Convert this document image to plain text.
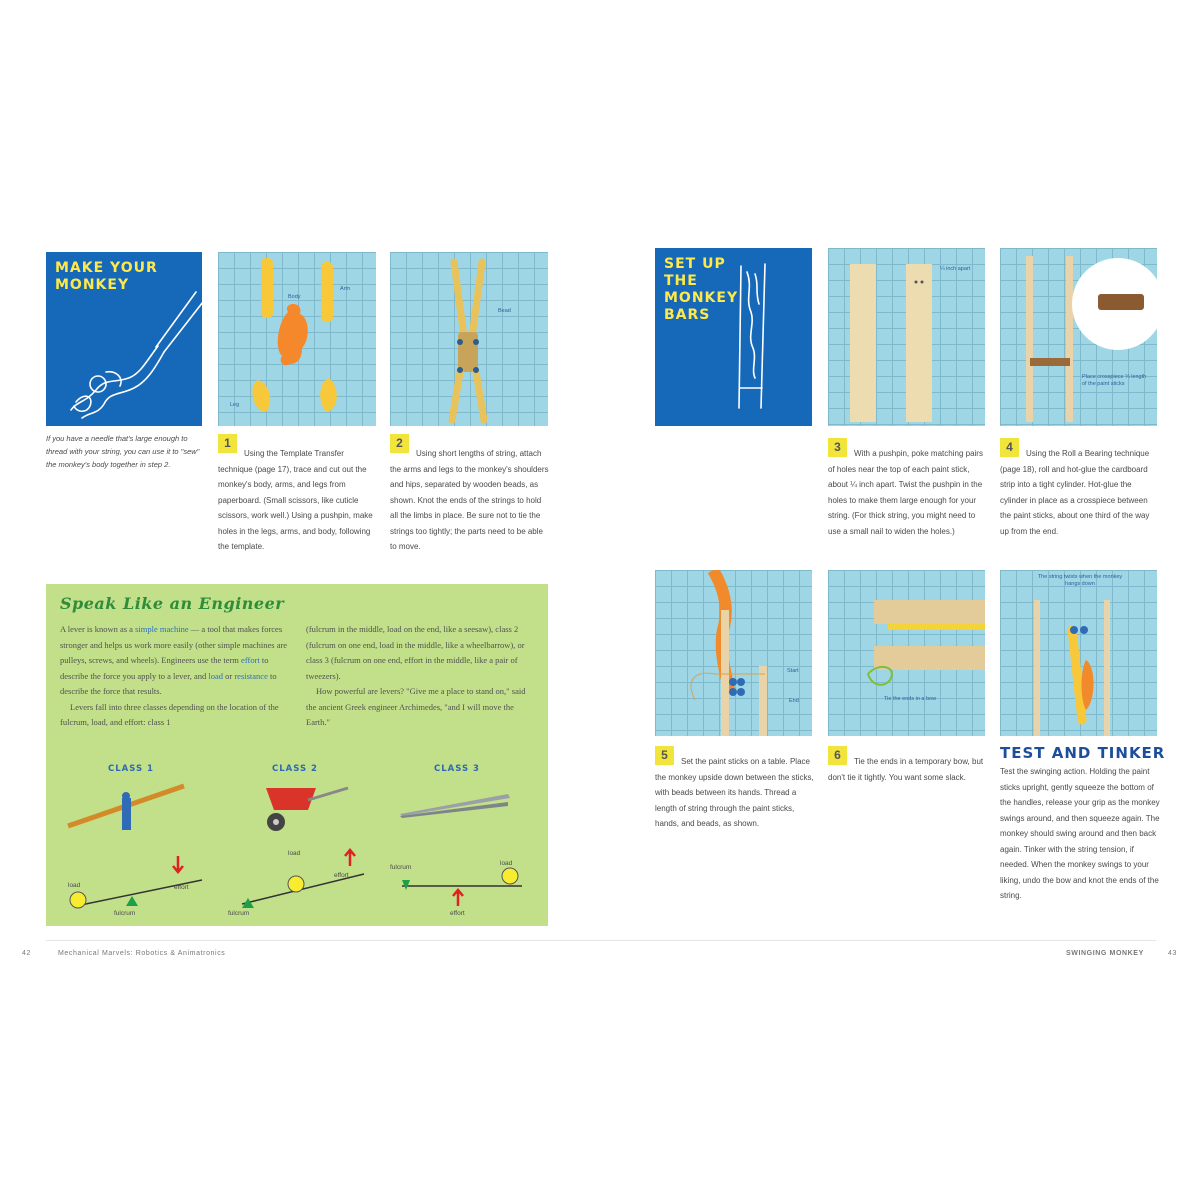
MAKE YOUR MONKEY
If you have a needle that's large enough to thread with your string, you can use it to "sew" the monkey's body together in step 2.
Body
Arm
Leg
Bead
1
Using the Template Transfer technique (page 17), trace and cut out the monkey's body, arms, and legs from paperboard. (Small scissors, like cuticle scissors, work well.) Using a pushpin, make holes in the legs, arms, and body, following the template.
2
Using short lengths of string, attach the arms and legs to the monkey's shoulders and hips, separated by wooden beads, as shown. Knot the ends of the strings to hold all the limbs in place. Be sure not to tie the strings too tightly; the parts need to be able to move.
Speak Like an Engineer
A lever is known as a simple machine — a tool that makes forces stronger and helps us work more easily (other simple machines are pulleys, screws, and wheels). Engineers use the term effort to describe the force you apply to a lever, and load or resistance to describe the force that results.
Levers fall into three classes depending on the location of the fulcrum, load, and effort: class 1
(fulcrum in the middle, load on the end, like a seesaw), class 2 (fulcrum on one end, load in the middle, like a wheelbarrow), or class 3 (fulcrum on one end, effort in the middle, like a pair of tweezers).
How powerful are levers? "Give me a place to stand on," said the ancient Greek engineer Archimedes, "and I will move the Earth."
CLASS 1	CLASS 2	CLASS 3
load	effort
fulcrum
load
effort
fulcrum
fulcrum
load
effort
SET UP THE MONKEY BARS
¼ inch apart
Place crosspiece ⅓ length of the paint sticks
3	With a pushpin, poke matching pairs of holes near the top of each paint stick, about ¼ inch apart. Twist the pushpin in the holes to make them large enough for your string. (For thick string, you might need to use a small nail to widen the holes.)
4	Using the Roll a Bearing technique (page 18), roll and hot-glue the cardboard strip into a tight cylinder. Hot-glue the cylinder in place as a crosspiece between the paint sticks, about one third of the way up from the end.
Start
End	Tie the ends in a bow
The string twists when the monkey hangs down
5	Set the paint sticks on a table. Place the monkey upside down between the sticks, with beads between its hands. Thread a length of string through the paint sticks, hands, and beads, as shown.
6	Tie the ends in a temporary bow, but don't tie it tightly. You want some slack.
TEST AND TINKER
Test the swinging action. Holding the paint sticks upright, gently squeeze the bottom of the handles, release your grip as the monkey swings around, and then squeeze again. The monkey should swing around and then back again. Tinker with the string tension, if needed. When the monkey swings to your liking, undo the bow and knot the ends of the string.
42	Mechanical Marvels: Robotics & Animatronics	SWINGING MONKEY	43
